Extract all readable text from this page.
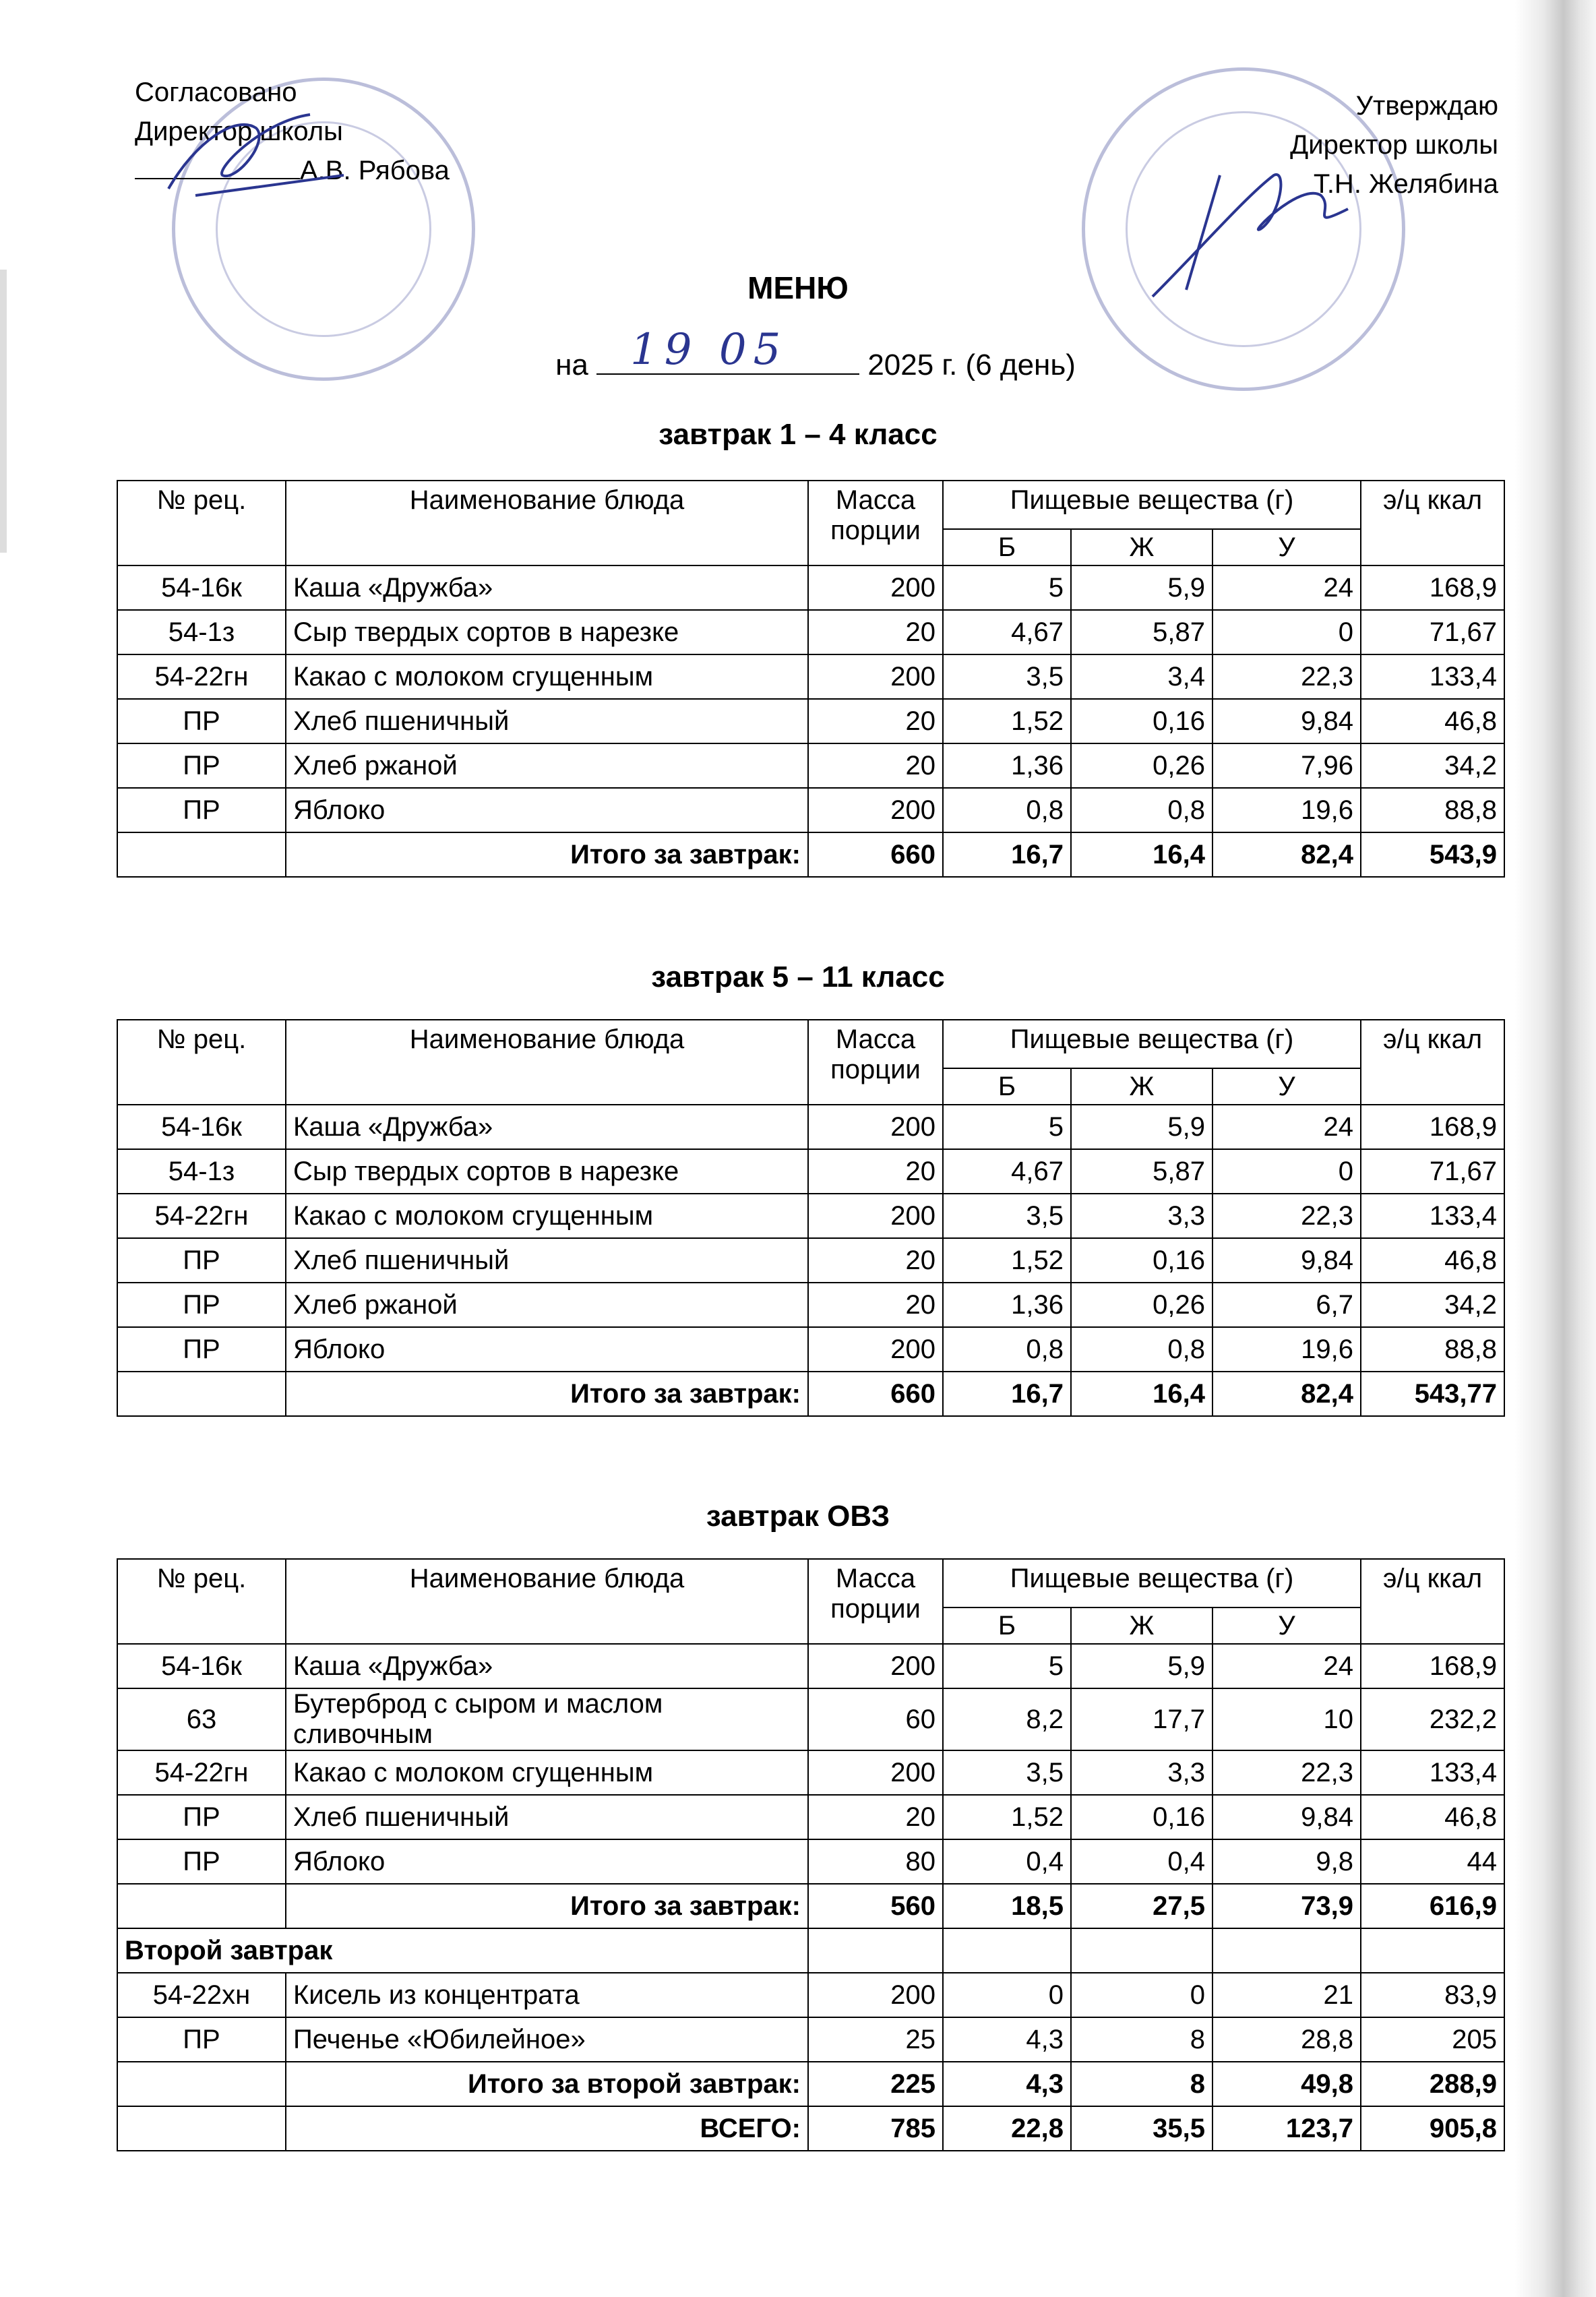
Согласовано
Директор школы
А.В. Рябова
Утверждаю
Директор школы
Т.Н. Желябина
МЕНЮ
на 19 05	2025 г. (6 день)
завтрак 1 – 4 класс
завтрак 5 – 11 класс
завтрак ОВЗ
№ рец.	Наименование блюда	Масса порции	Пищевые вещества (г)			э/ц ккал
			Б	Ж	У	
54-16к	Каша «Дружба»	200	5	5,9	24	168,9
54-1з	Сыр твердых сортов в нарезке	20	4,67	5,87	0	71,67
54-22гн	Какао с молоком сгущенным	200	3,5	3,4	22,3	133,4
ПР	Хлеб пшеничный	20	1,52	0,16	9,84	46,8
ПР	Хлеб ржаной	20	1,36	0,26	7,96	34,2
ПР	Яблоко	200	0,8	0,8	19,6	88,8
	Итого за завтрак:	660	16,7	16,4	82,4	543,9
№ рец.	Наименование блюда	Масса порции	Пищевые вещества (г)			э/ц ккал
			Б	Ж	У	
54-16к	Каша «Дружба»	200	5	5,9	24	168,9
54-1з	Сыр твердых сортов в нарезке	20	4,67	5,87	0	71,67
54-22гн	Какао с молоком сгущенным	200	3,5	3,3	22,3	133,4
ПР	Хлеб пшеничный	20	1,52	0,16	9,84	46,8
ПР	Хлеб ржаной	20	1,36	0,26	6,7	34,2
ПР	Яблоко	200	0,8	0,8	19,6	88,8
	Итого за завтрак:	660	16,7	16,4	82,4	543,77
№ рец.	Наименование блюда	Масса порции	Пищевые вещества (г)			э/ц ккал
			Б	Ж	У	
54-16к	Каша «Дружба»	200	5	5,9	24	168,9
63	Бутерброд с сыром и маслом сливочным	60	8,2	17,7	10	232,2
54-22гн	Какао с молоком сгущенным	200	3,5	3,3	22,3	133,4
ПР	Хлеб пшеничный	20	1,52	0,16	9,84	46,8
ПР	Яблоко	80	0,4	0,4	9,8	44
	Итого за завтрак:	560	18,5	27,5	73,9	616,9
Второй завтрак						
54-22хн	Кисель из концентрата	200	0	0	21	83,9
ПР	Печенье «Юбилейное»	25	4,3	8	28,8	205
	Итого за второй завтрак:	225	4,3	8	49,8	288,9
	ВСЕГО:	785	22,8	35,5	123,7	905,8
